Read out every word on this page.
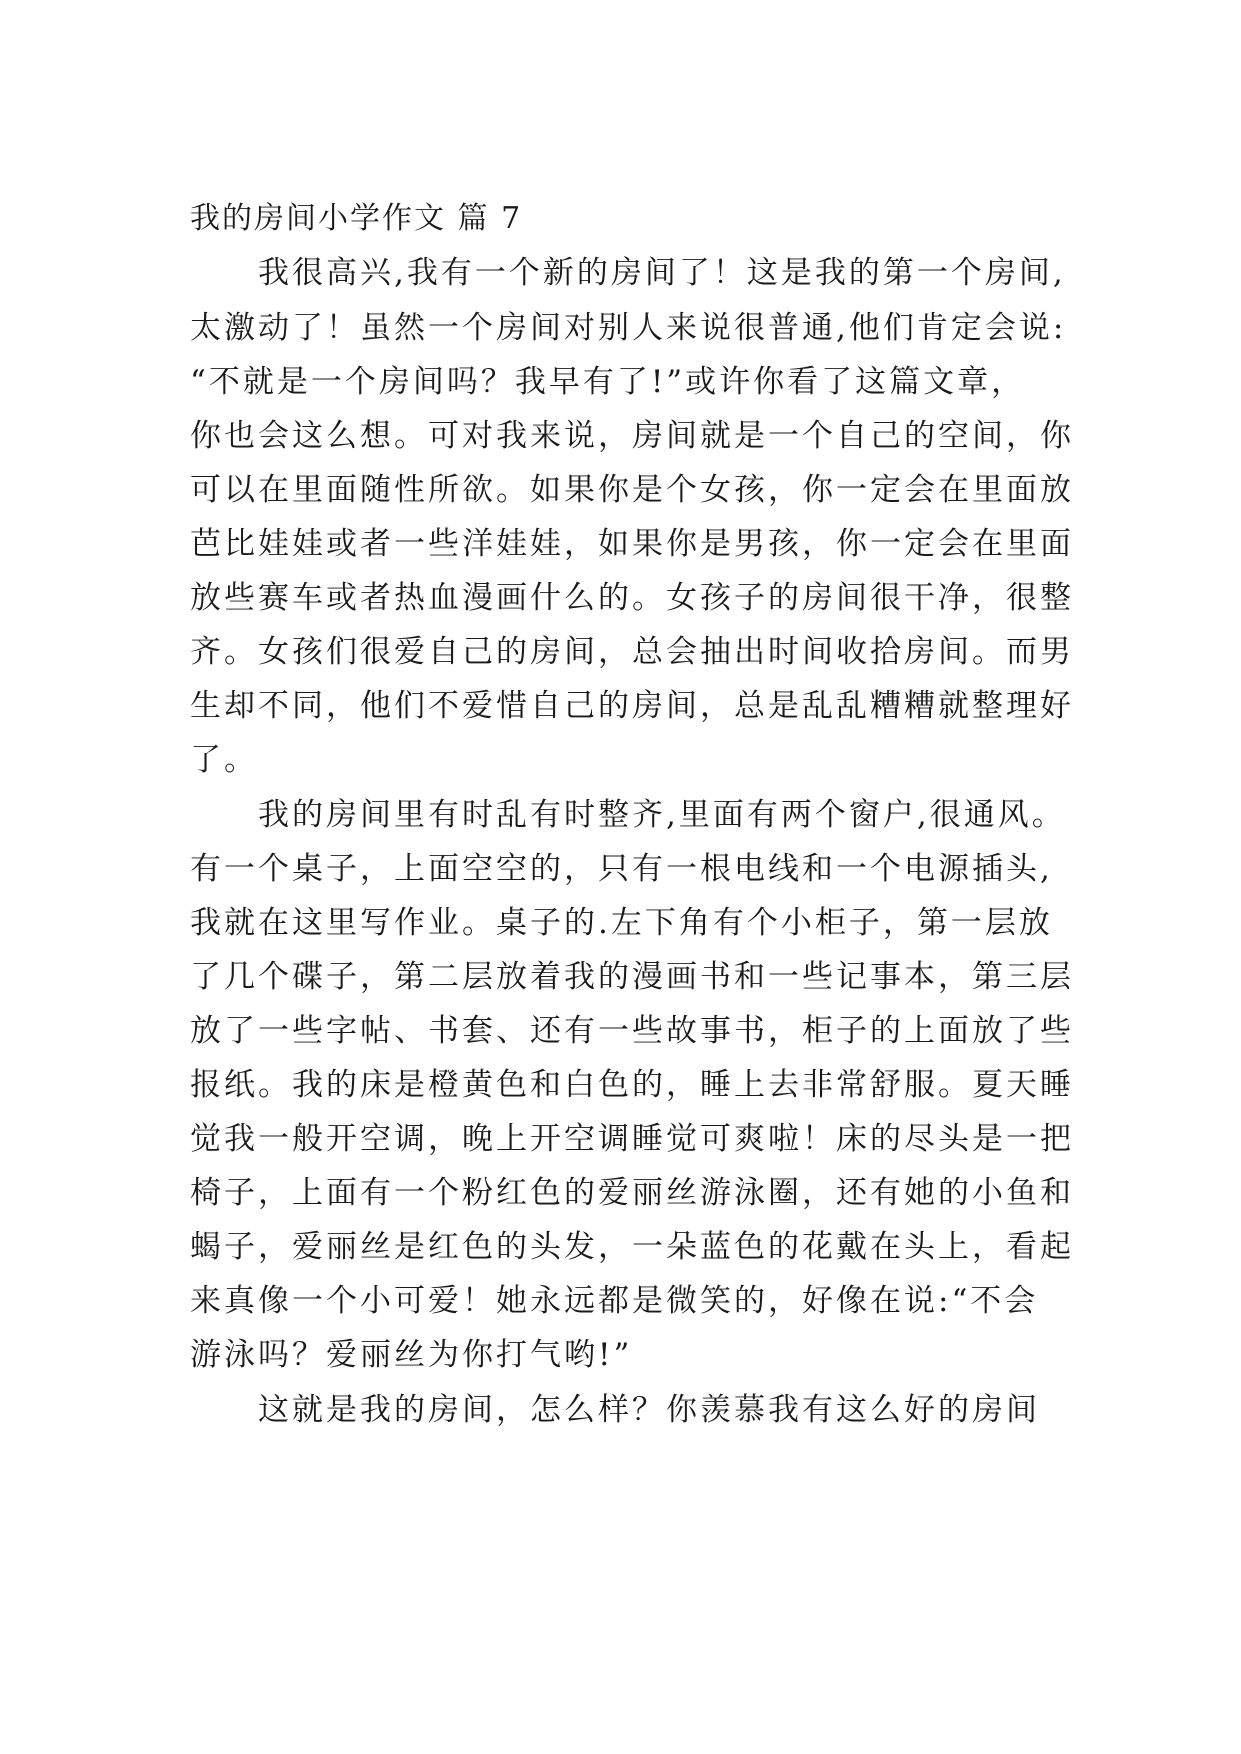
我的房间小学作文 篇 7
我很高兴,我有一个新的房间了！这是我的第一个房间,
太激动了！虽然一个房间对别人来说很普通,他们肯定会说:
“不就是一个房间吗？我早有了!”或许你看了这篇文章，
你也会这么想。可对我来说，房间就是一个自己的空间，你
可以在里面随性所欲。如果你是个女孩，你一定会在里面放
芭比娃娃或者一些洋娃娃，如果你是男孩，你一定会在里面
放些赛车或者热血漫画什么的。女孩子的房间很干净，很整
齐。女孩们很爱自己的房间，总会抽出时间收拾房间。而男
生却不同，他们不爱惜自己的房间，总是乱乱糟糟就整理好
了。
我的房间里有时乱有时整齐,里面有两个窗户,很通风。
有一个桌子，上面空空的，只有一根电线和一个电源插头,
我就在这里写作业。桌子的.左下角有个小柜子，第一层放
了几个碟子，第二层放着我的漫画书和一些记事本，第三层
放了一些字帖、书套、还有一些故事书，柜子的上面放了些
报纸。我的床是橙黄色和白色的，睡上去非常舒服。夏天睡
觉我一般开空调，晚上开空调睡觉可爽啦！床的尽头是一把
椅子，上面有一个粉红色的爱丽丝游泳圈，还有她的小鱼和
蝎子，爱丽丝是红色的头发，一朵蓝色的花戴在头上，看起
来真像一个小可爱！她永远都是微笑的，好像在说:“不会
游泳吗？爱丽丝为你打气哟!”
这就是我的房间，怎么样？你羡慕我有这么好的房间
